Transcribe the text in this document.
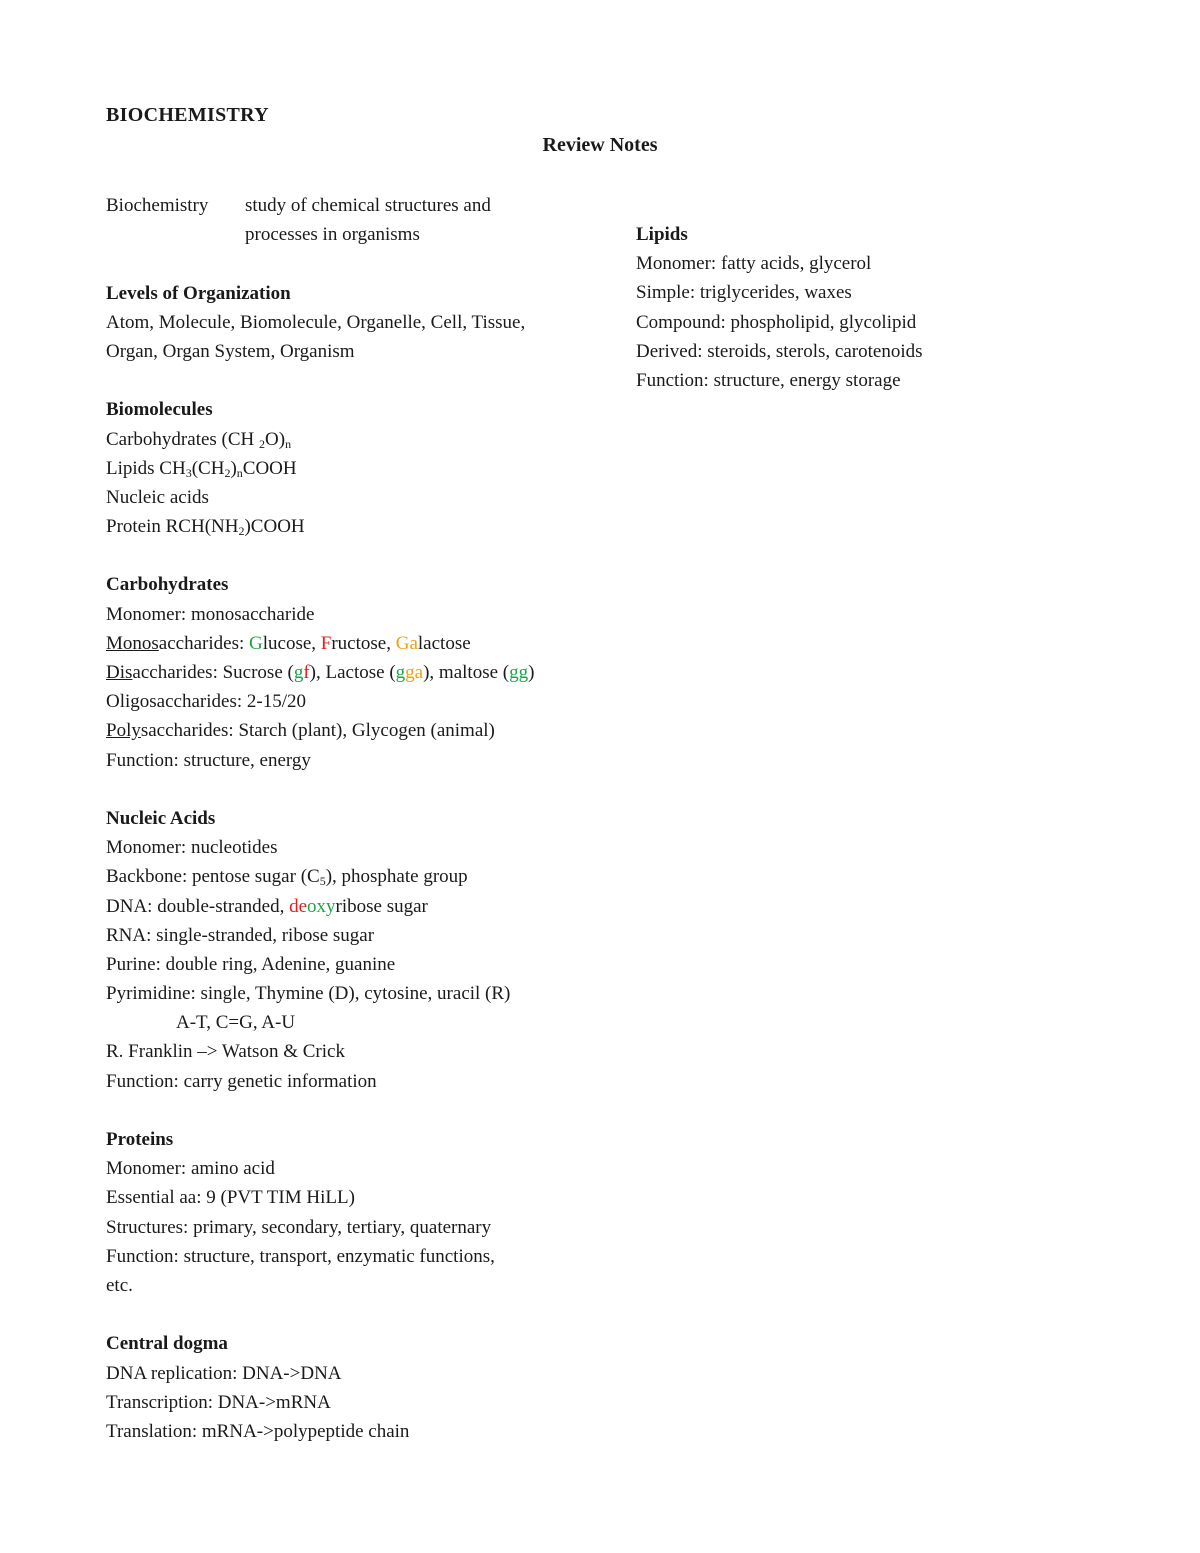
BIOCHEMISTRY
Review Notes
Biochemistry study of chemical structures and
processes in organisms
Levels of Organization
Atom, Molecule, Biomolecule, Organelle, Cell, Tissue,
Organ, Organ System, Organism
Biomolecules
Carbohydrates (CH $_2O)_n$
Lipids $CH_3(CH_2)_nCOOH$
Nucleic acids
Protein $RCH(NH_2)COOH$
Carbohydrates
Monomer: monosaccharide
Monosaccharides: Glucose, Fructose, Galactose
Disaccharides: Sucrose (gf), Lactose (gga), maltose (gg)
Oligosaccharides: 2-15/20
Polysaccharides: Starch (plant), Glycogen (animal)
Function: structure, energy
Nucleic Acids
Monomer: nucleotides
Backbone: pentose sugar $(C_5)$, phosphate group
DNA: double-stranded, deoxyribose sugar
RNA: single-stranded, ribose sugar
Purine: double ring, Adenine, guanine
Pyrimidine: single, Thymine (D), cytosine, uracil (R)
A-T, C=G, A-U
R. Franklin –> Watson & Crick
Function: carry genetic information
Proteins
Monomer: amino acid
Essential aa: 9 (PVT TIM HiLL)
Structures: primary, secondary, tertiary, quaternary
Function: structure, transport, enzymatic functions,
etc.
Central dogma
DNA replication: DNA->DNA
Transcription: DNA->mRNA
Translation: mRNA->polypeptide chain
Lipids
Monomer: fatty acids, glycerol
Simple: triglycerides, waxes
Compound: phospholipid, glycolipid
Derived: steroids, sterols, carotenoids
Function: structure, energy storage
